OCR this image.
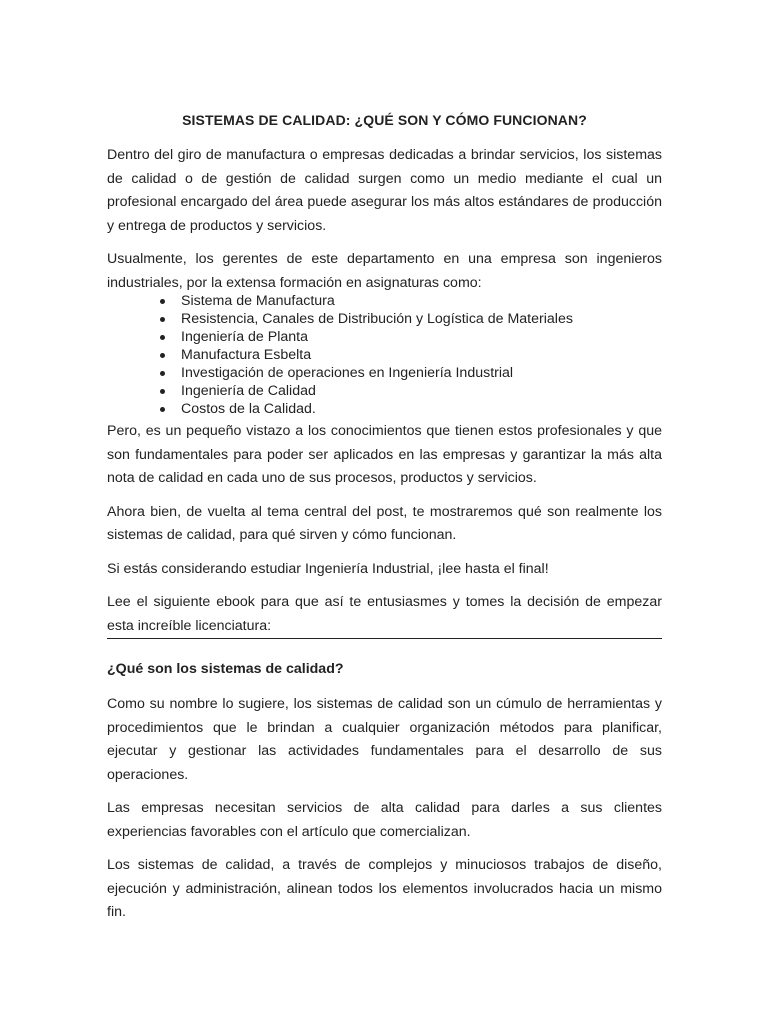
SISTEMAS DE CALIDAD: ¿QUÉ SON Y CÓMO FUNCIONAN?

Dentro del giro de manufactura o empresas dedicadas a brindar servicios, los sistemas de calidad o de gestión de calidad surgen como un medio mediante el cual un profesional encargado del área puede asegurar los más altos estándares de producción y entrega de productos y servicios.

Usualmente, los gerentes de este departamento en una empresa son ingenieros industriales, por la extensa formación en asignaturas como:

Sistema de Manufactura
Resistencia, Canales de Distribución y Logística de Materiales
Ingeniería de Planta
Manufactura Esbelta
Investigación de operaciones en Ingeniería Industrial
Ingeniería de Calidad
Costos de la Calidad.

Pero, es un pequeño vistazo a los conocimientos que tienen estos profesionales y que son fundamentales para poder ser aplicados en las empresas y garantizar la más alta nota de calidad en cada uno de sus procesos, productos y servicios.

Ahora bien, de vuelta al tema central del post, te mostraremos qué son realmente los sistemas de calidad, para qué sirven y cómo funcionan.

Si estás considerando estudiar Ingeniería Industrial, ¡lee hasta el final!

Lee el siguiente ebook para que así te entusiasmes y tomes la decisión de empezar esta increíble licenciatura:

¿Qué son los sistemas de calidad?

Como su nombre lo sugiere, los sistemas de calidad son un cúmulo de herramientas y procedimientos que le brindan a cualquier organización métodos para planificar, ejecutar y gestionar las actividades fundamentales para el desarrollo de sus operaciones.

Las empresas necesitan servicios de alta calidad para darles a sus clientes experiencias favorables con el artículo que comercializan.

Los sistemas de calidad, a través de complejos y minuciosos trabajos de diseño, ejecución y administración, alinean todos los elementos involucrados hacia un mismo fin.
